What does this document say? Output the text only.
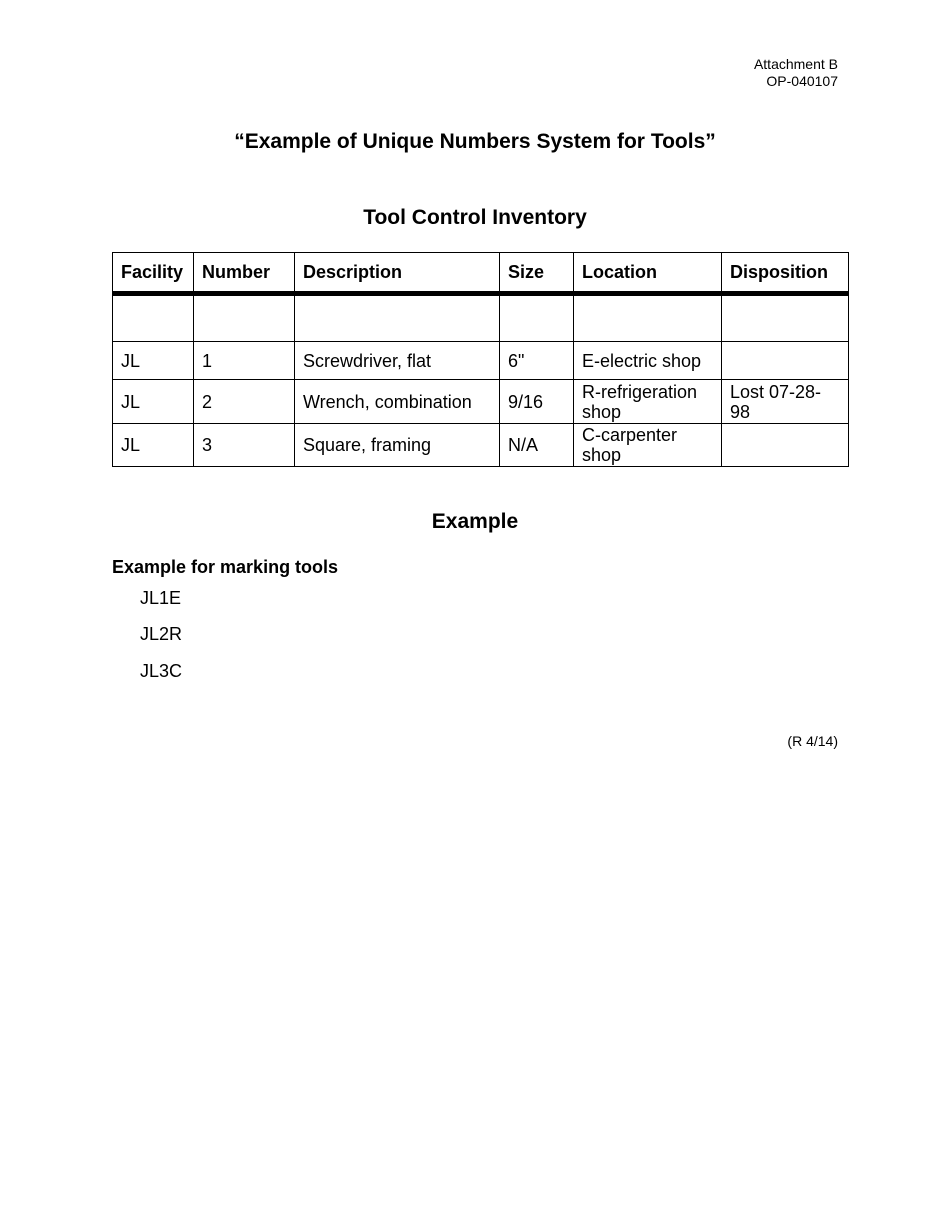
Attachment B
OP-040107
“Example of Unique Numbers System for Tools”
Tool Control Inventory
Facility	Number	Description	Size	Location	Disposition

JL	1	Screwdriver, flat	6"	E-electric shop	
JL	2	Wrench, combination	9/16	R-refrigeration shop	Lost 07-28-98
JL	3	Square, framing	N/A	C-carpenter shop	
Example
Example for marking tools
JL1E
JL2R
JL3C
(R 4/14)
